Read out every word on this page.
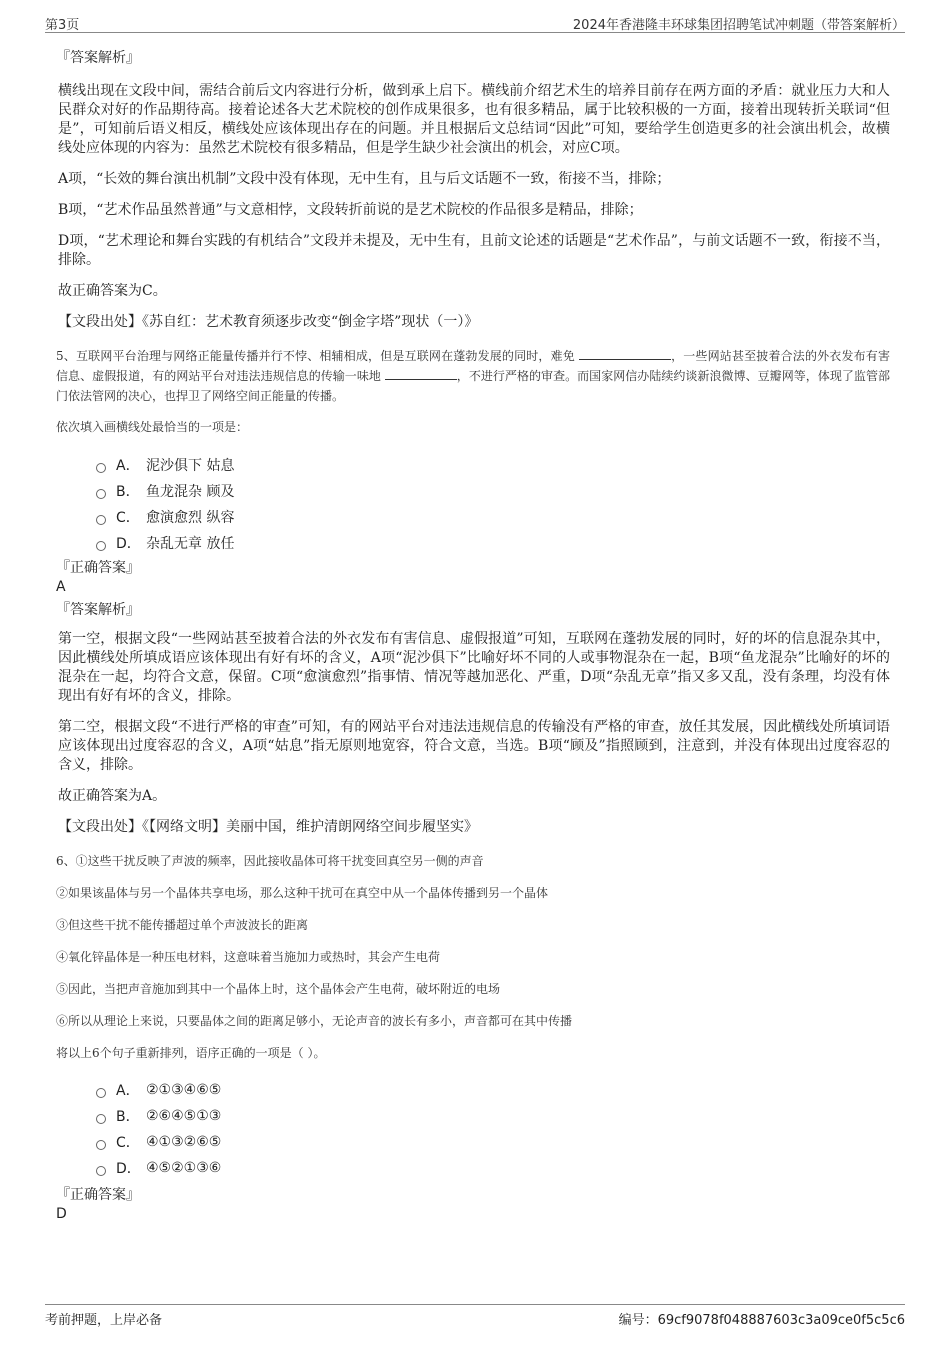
第3页	2024年香港隆丰环球集团招聘笔试冲刺题（带答案解析）
『答案解析』

横线出现在文段中间，需结合前后文内容进行分析，做到承上启下。横线前介绍艺术生的培养目前存在两方面的矛盾：就业压力大和人民群众对好的作品期待高。接着论述各大艺术院校的创作成果很多，也有很多精品，属于比较积极的一方面，接着出现转折关联词“但是”，可知前后语义相反，横线处应该体现出存在的问题。并且根据后文总结词“因此”可知，要给学生创造更多的社会演出机会，故横线处应体现的内容为：虽然艺术院校有很多精品，但是学生缺少社会演出的机会，对应C项。

A项，“长效的舞台演出机制”文段中没有体现，无中生有，且与后文话题不一致，衔接不当，排除；

B项，“艺术作品虽然普通”与文意相悖，文段转折前说的是艺术院校的作品很多是精品，排除；

D项，“艺术理论和舞台实践的有机结合”文段并未提及，无中生有，且前文论述的话题是“艺术作品”，与前文话题不一致，衔接不当，排除。

故正确答案为C。

【文段出处】《苏自红：艺术教育须逐步改变“倒金字塔”现状（一）》

5、互联网平台治理与网络正能量传播并行不悖、相辅相成，但是互联网在蓬勃发展的同时，难免	，一些网站甚至披着合法的外衣发布有害信息、虚假报道，有的网站平台对违法违规信息的传输一味地	，不进行严格的审查。而国家网信办陆续约谈新浪微博、豆瓣网等，体现了监管部门依法管网的决心，也捍卫了网络空间正能量的传播。

依次填入画横线处最恰当的一项是：

A． 泥沙俱下 姑息
B． 鱼龙混杂 顾及
C． 愈演愈烈 纵容
D． 杂乱无章 放任
『正确答案』
A
『答案解析』

第一空，根据文段“一些网站甚至披着合法的外衣发布有害信息、虚假报道”可知，互联网在蓬勃发展的同时，好的坏的信息混杂其中，因此横线处所填成语应该体现出有好有坏的含义，A项“泥沙俱下”比喻好坏不同的人或事物混杂在一起，B项“鱼龙混杂”比喻好的坏的混杂在一起，均符合文意，保留。C项“愈演愈烈”指事情、情况等越加恶化、严重，D项“杂乱无章”指又多又乱，没有条理，均没有体现出有好有坏的含义，排除。

第二空，根据文段“不进行严格的审查”可知，有的网站平台对违法违规信息的传输没有严格的审查，放任其发展，因此横线处所填词语应该体现出过度容忍的含义，A项“姑息”指无原则地宽容，符合文意，当选。B项“顾及”指照顾到，注意到，并没有体现出过度容忍的含义，排除。

故正确答案为A。

【文段出处】《【网络文明】美丽中国，维护清朗网络空间步履坚实》

6、①这些干扰反映了声波的频率，因此接收晶体可将干扰变回真空另一侧的声音

②如果该晶体与另一个晶体共享电场，那么这种干扰可在真空中从一个晶体传播到另一个晶体

③但这些干扰不能传播超过单个声波波长的距离

④氧化锌晶体是一种压电材料，这意味着当施加力或热时，其会产生电荷

⑤因此，当把声音施加到其中一个晶体上时，这个晶体会产生电荷，破坏附近的电场

⑥所以从理论上来说，只要晶体之间的距离足够小，无论声音的波长有多小，声音都可在其中传播

将以上6个句子重新排列，语序正确的一项是（ ）。

A． ②①③④⑥⑤
B． ②⑥④⑤①③
C． ④①③②⑥⑤
D． ④⑤②①③⑥
『正确答案』
D
考前押题，上岸必备	编号：69cf9078f048887603c3a09ce0f5c5c6
